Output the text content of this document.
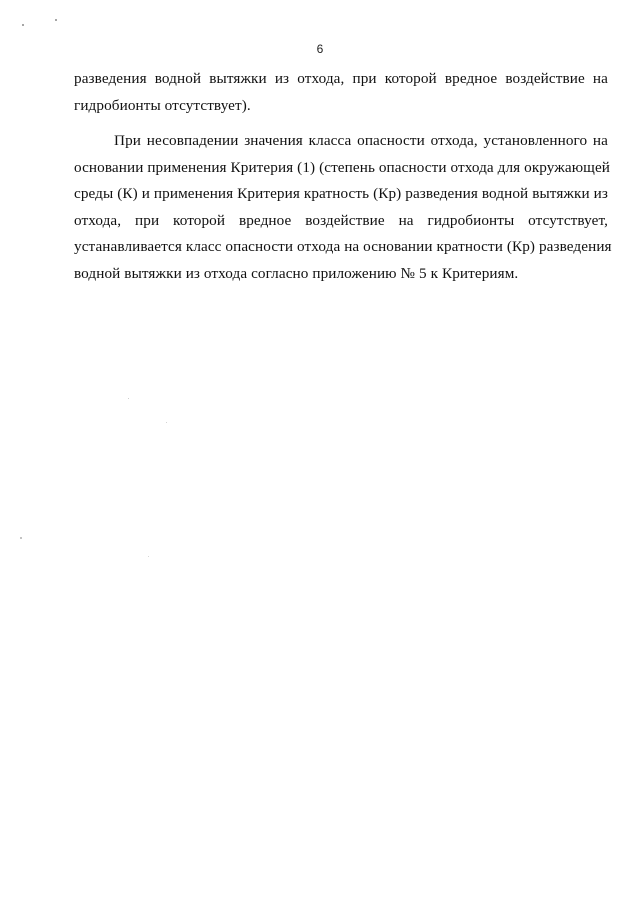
6
разведения водной вытяжки из отхода, при которой вредное воздействие на
гидробионты отсутствует).
При несовпадении значения класса опасности отхода, установленного на
основании применения Критерия (1) (степень опасности отхода для окружающей
среды (К) и применения Критерия кратность (Кр) разведения водной вытяжки из
отхода, при которой вредное воздействие на гидробионты отсутствует,
устанавливается класс опасности отхода на основании кратности (Кр) разведения
водной вытяжки из отхода согласно приложению № 5 к Критериям.
